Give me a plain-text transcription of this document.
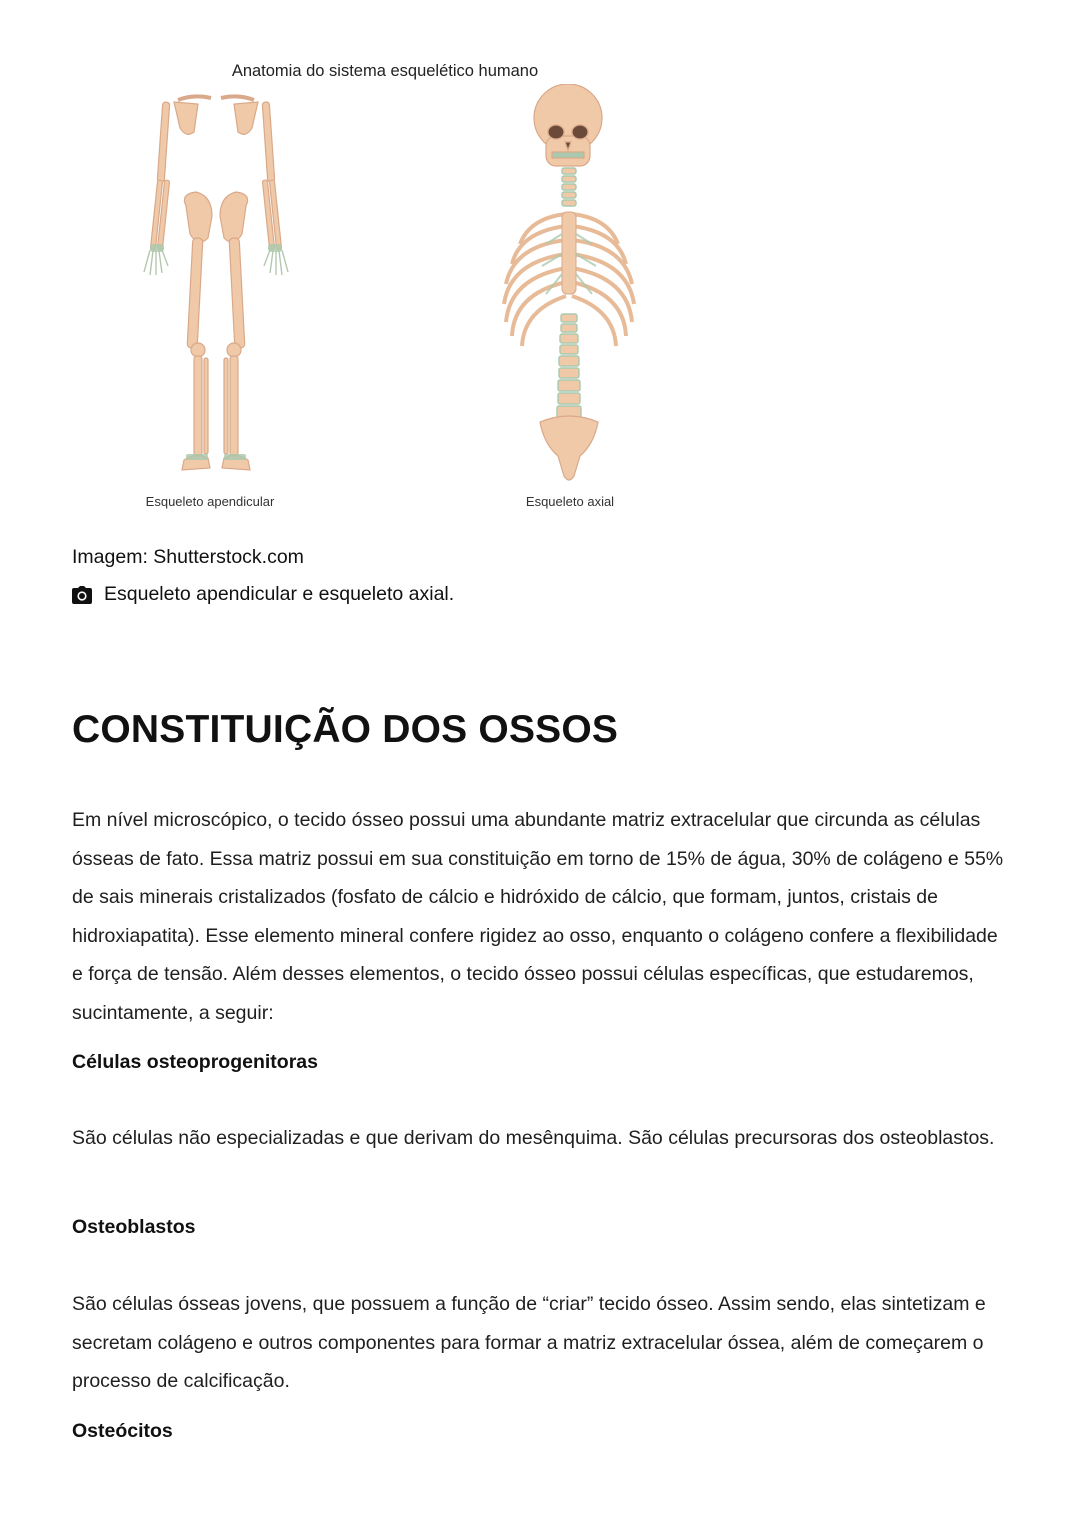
Anatomia do sistema esquelético humano
Esqueleto apendicular	Esqueleto axial
Imagem: Shutterstock.com
Esqueleto apendicular e esqueleto axial.
CONSTITUIÇÃO DOS OSSOS

Em nível microscópico, o tecido ósseo possui uma abundante matriz extracelular que circunda as células ósseas de fato. Essa matriz possui em sua constituição em torno de 15% de água, 30% de colágeno e 55% de sais minerais cristalizados (fosfato de cálcio e hidróxido de cálcio, que formam, juntos, cristais de hidroxiapatita). Esse elemento mineral confere rigidez ao osso, enquanto o colágeno confere a flexibilidade e força de tensão. Além desses elementos, o tecido ósseo possui células específicas, que estudaremos, sucintamente, a seguir:

Células osteoprogenitoras

São células não especializadas e que derivam do mesênquima. São células precursoras dos osteoblastos.

Osteoblastos

São células ósseas jovens, que possuem a função de “criar” tecido ósseo. Assim sendo, elas sintetizam e secretam colágeno e outros componentes para formar a matriz extracelular óssea, além de começarem o processo de calcificação.

Osteócitos
